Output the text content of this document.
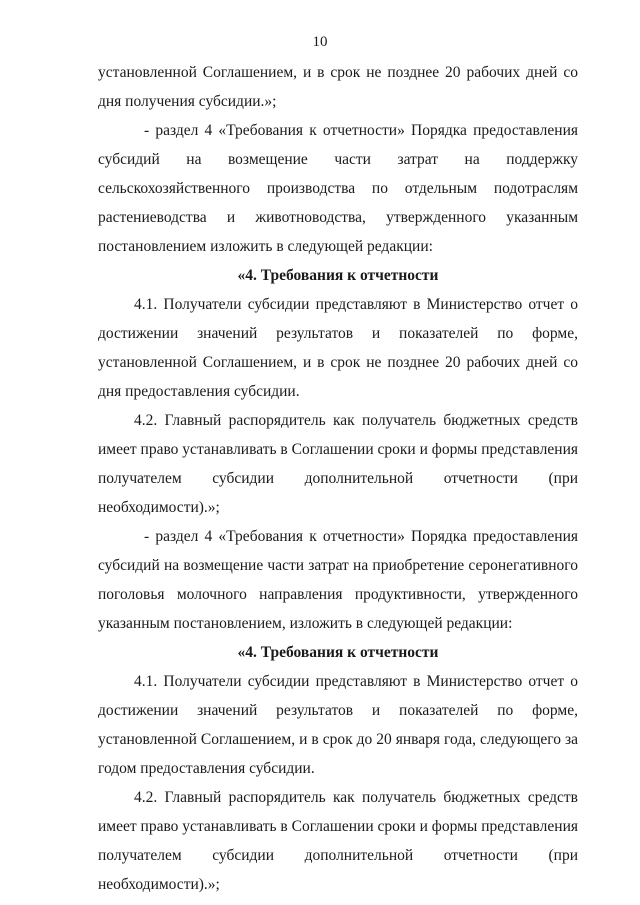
10

установленной Соглашением, и в срок не позднее 20 рабочих дней со дня получения субсидии.»;

- раздел 4 «Требования к отчетности» Порядка предоставления субсидий на возмещение части затрат на поддержку сельскохозяйственного производства по отдельным подотраслям растениеводства и животноводства, утвержденного указанным постановлением изложить в следующей редакции:

«4. Требования к отчетности

4.1. Получатели субсидии представляют в Министерство отчет о достижении значений результатов и показателей по форме, установленной Соглашением, и в срок не позднее 20 рабочих дней со дня предоставления субсидии.

4.2. Главный распорядитель как получатель бюджетных средств имеет право устанавливать в Соглашении сроки и формы представления получателем субсидии дополнительной отчетности (при необходимости).»;

- раздел 4 «Требования к отчетности» Порядка предоставления субсидий на возмещение части затрат на приобретение серонегативного поголовья молочного направления продуктивности, утвержденного указанным постановлением, изложить в следующей редакции:

«4. Требования к отчетности

4.1. Получатели субсидии представляют в Министерство отчет о достижении значений результатов и показателей по форме, установленной Соглашением, и в срок до 20 января года, следующего за годом предоставления субсидии.

4.2. Главный распорядитель как получатель бюджетных средств имеет право устанавливать в Соглашении сроки и формы представления получателем субсидии дополнительной отчетности (при необходимости).»;
